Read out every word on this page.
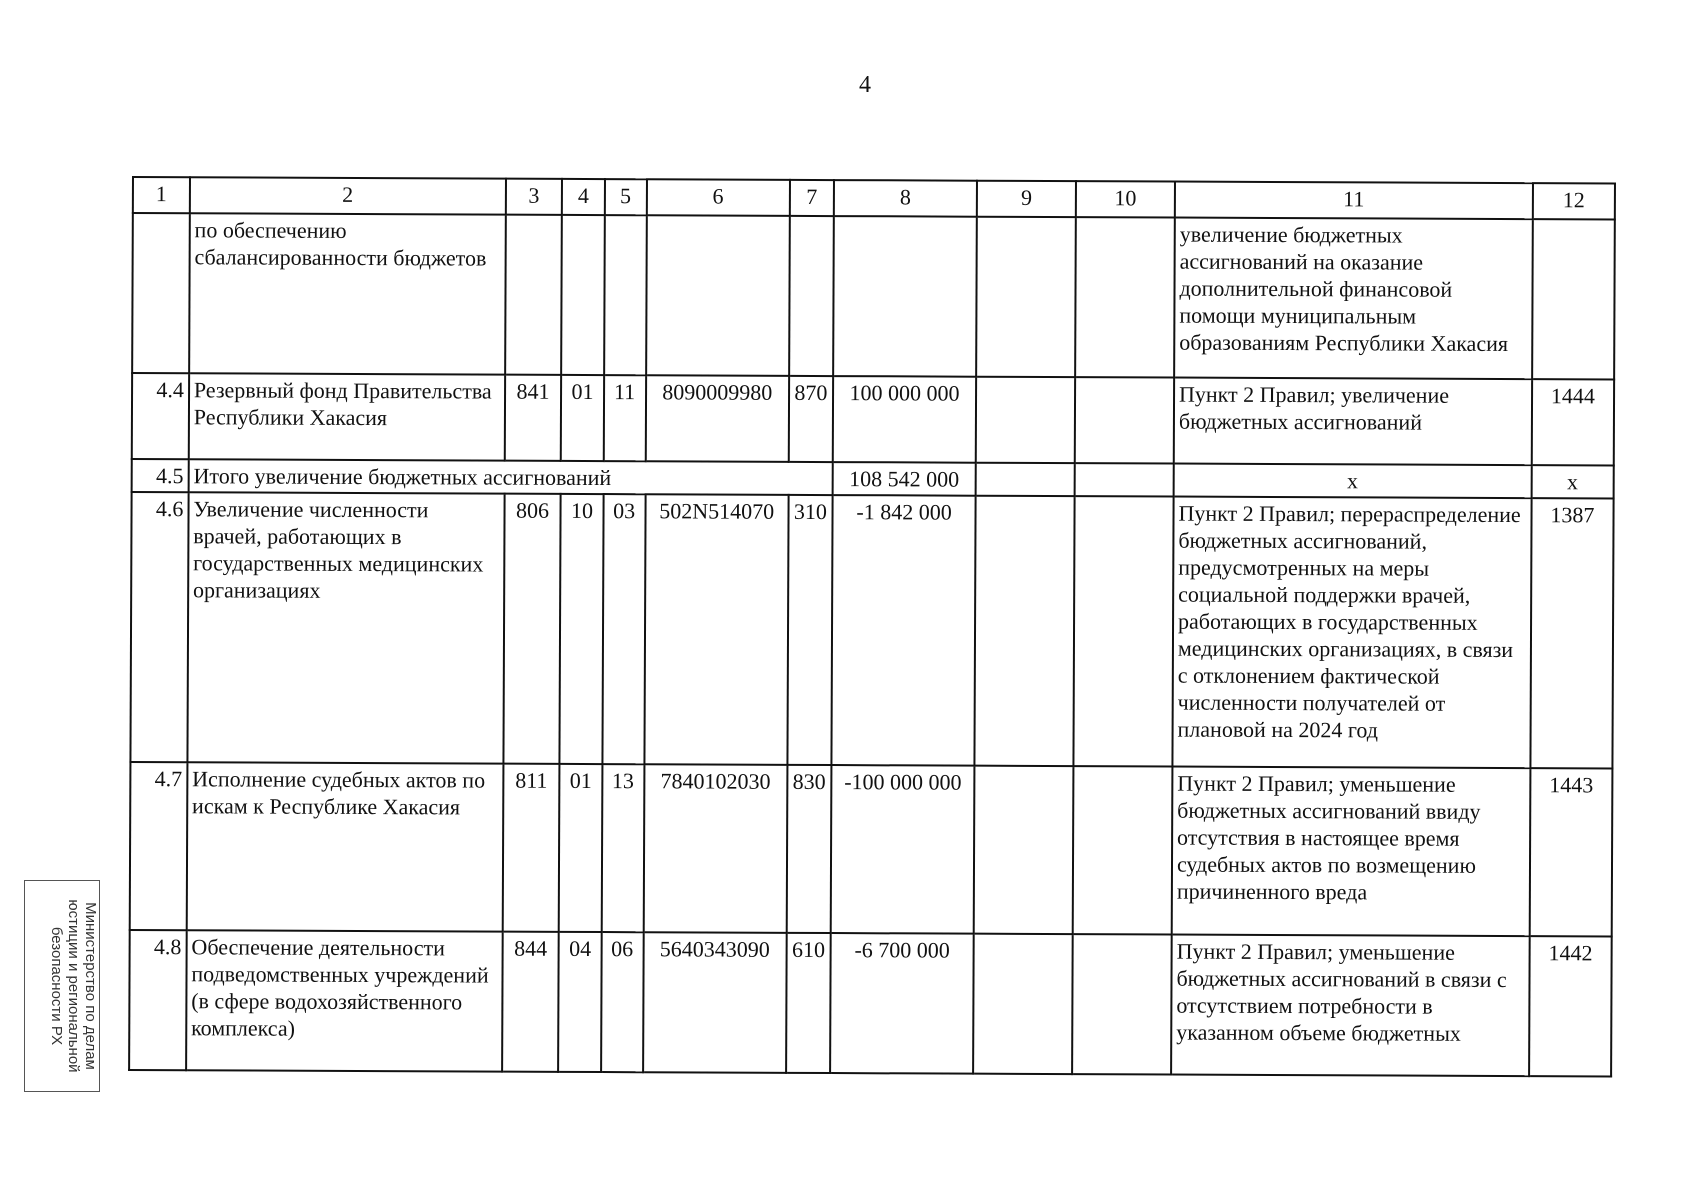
4
1	2	3	4	5	6	7	8	9	10	11	12
	по обеспечению сбалансированности бюджетов									увеличение бюджетных ассигнований на оказание дополнительной финансовой помощи муниципальным образованиям Республики Хакасия	
4.4	Резервный фонд Правительства Республики Хакасия	841	01	11	8090009980	870	100 000 000			Пункт 2 Правил; увеличение бюджетных ассигнований	1444
4.5	Итого увеличение бюджетных ассигнований						108 542 000			x	x
4.6	Увеличение численности врачей, работающих в государственных медицинских организациях	806	10	03	502N514070	310	-1 842 000			Пункт 2 Правил; перераспределение бюджетных ассигнований, предусмотренных на меры социальной поддержки врачей, работающих в государственных медицинских организациях, в связи с отклонением фактической численности получателей от плановой на 2024 год	1387
4.7	Исполнение судебных актов по искам к Республике Хакасия	811	01	13	7840102030	830	-100 000 000			Пункт 2 Правил; уменьшение бюджетных ассигнований ввиду отсутствия в настоящее время судебных актов по возмещению причиненного вреда	1443
4.8	Обеспечение деятельности подведомственных учреждений (в сфере водохозяйственного комплекса)	844	04	06	5640343090	610	-6 700 000			Пункт 2 Правил; уменьшение бюджетных ассигнований в связи с отсутствием потребности в указанном объеме бюджетных	1442
Министерство по делам
юстиции и региональной
безопасности РХ
